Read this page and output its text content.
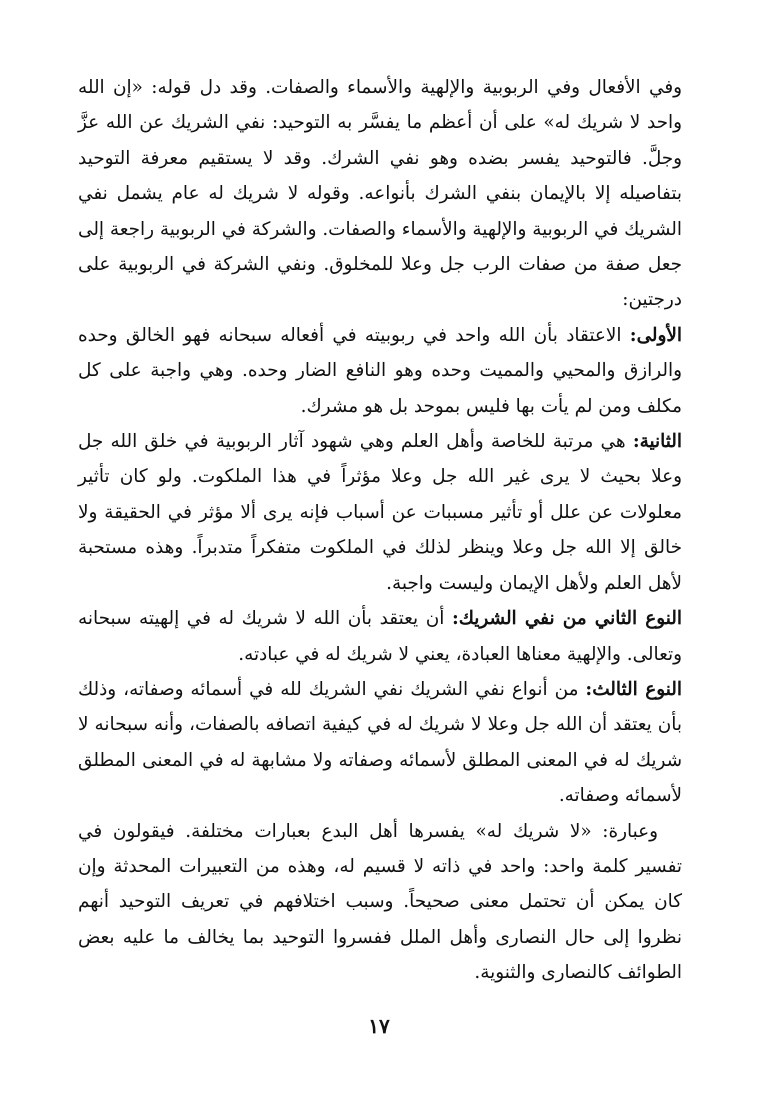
وفي الأفعال وفي الربوبية والإلهية والأسماء والصفات. وقد دل قوله: «إن الله واحد لا شريك له» على أن أعظم ما يفسَّر به التوحيد: نفي الشريك عن الله عزَّ وجلَّ. فالتوحيد يفسر بضده وهو نفي الشرك. وقد لا يستقيم معرفة التوحيد بتفاصيله إلا بالإيمان بنفي الشرك بأنواعه. وقوله لا شريك له عام يشمل نفي الشريك في الربوبية والإلهية والأسماء والصفات. والشركة في الربوبية راجعة إلى جعل صفة من صفات الرب جل وعلا للمخلوق. ونفي الشركة في الربوبية على درجتين:

الأولى: الاعتقاد بأن الله واحد في ربوبيته في أفعاله سبحانه فهو الخالق وحده والرازق والمحيي والمميت وحده وهو النافع الضار وحده. وهي واجبة على كل مكلف ومن لم يأت بها فليس بموحد بل هو مشرك.

الثانية: هي مرتبة للخاصة وأهل العلم وهي شهود آثار الربوبية في خلق الله جل وعلا بحيث لا يرى غير الله جل وعلا مؤثراً في هذا الملكوت. ولو كان تأثير معلولات عن علل أو تأثير مسببات عن أسباب فإنه يرى ألا مؤثر في الحقيقة ولا خالق إلا الله جل وعلا وينظر لذلك في الملكوت متفكراً متدبراً. وهذه مستحبة لأهل العلم ولأهل الإيمان وليست واجبة.

النوع الثاني من نفي الشريك: أن يعتقد بأن الله لا شريك له في إلهيته سبحانه وتعالى. والإلهية معناها العبادة، يعني لا شريك له في عبادته.

النوع الثالث: من أنواع نفي الشريك نفي الشريك لله في أسمائه وصفاته، وذلك بأن يعتقد أن الله جل وعلا لا شريك له في كيفية اتصافه بالصفات، وأنه سبحانه لا شريك له في المعنى المطلق لأسمائه وصفاته ولا مشابهة له في المعنى المطلق لأسمائه وصفاته.

وعبارة: «لا شريك له» يفسرها أهل البدع بعبارات مختلفة. فيقولون في تفسير كلمة واحد: واحد في ذاته لا قسيم له، وهذه من التعبيرات المحدثة وإن كان يمكن أن تحتمل معنى صحيحاً. وسبب اختلافهم في تعريف التوحيد أنهم نظروا إلى حال النصارى وأهل الملل ففسروا التوحيد بما يخالف ما عليه بعض الطوائف كالنصارى والثنوية.

١٧
